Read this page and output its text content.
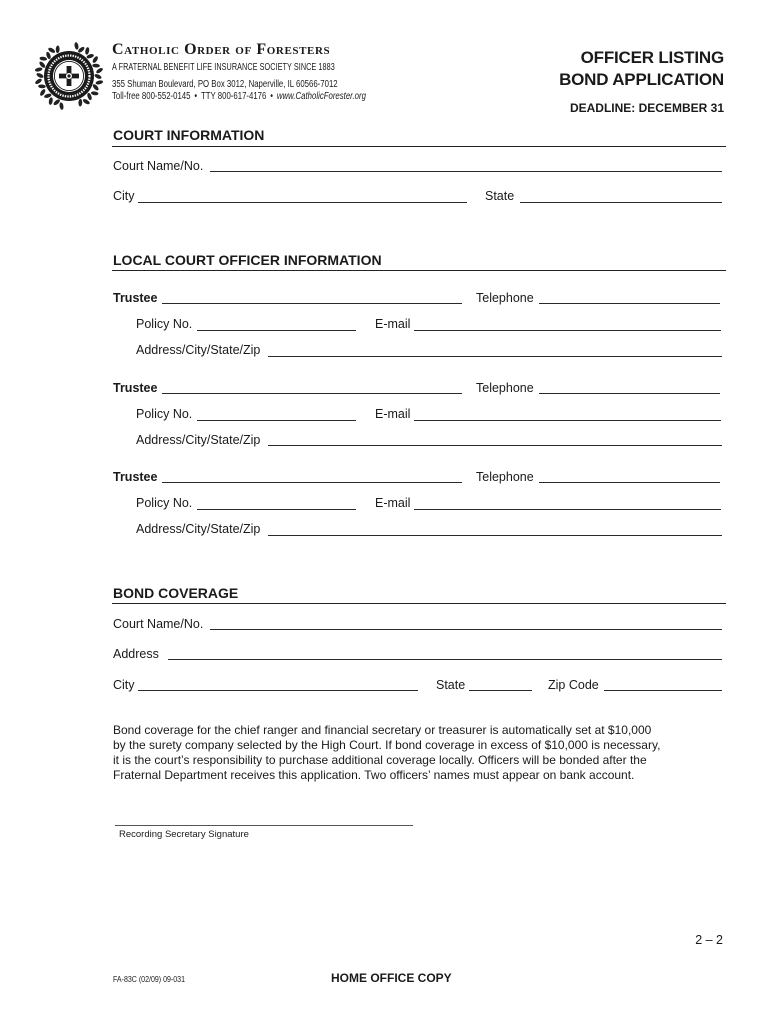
Catholic Order of Foresters
A FRATERNAL BENEFIT LIFE INSURANCE SOCIETY SINCE 1883
355 Shuman Boulevard, PO Box 3012, Naperville, IL 60566-7012
Toll-free 800-552-0145 • TTY 800-617-4176 • www.CatholicForester.org
OFFICER LISTING
BOND APPLICATION
DEADLINE: DECEMBER 31
COURT INFORMATION
Court Name/No.
City	State
LOCAL COURT OFFICER INFORMATION
Trustee	Telephone
Policy No.	E-mail
Address/City/State/Zip
Trustee	Telephone
Policy No.	E-mail
Address/City/State/Zip
Trustee	Telephone
Policy No.	E-mail
Address/City/State/Zip
BOND COVERAGE
Court Name/No.
Address
City	State	Zip Code
Bond coverage for the chief ranger and financial secretary or treasurer is automatically set at $10,000
by the surety company selected by the High Court. If bond coverage in excess of $10,000 is necessary,
it is the court’s responsibility to purchase additional coverage locally. Officers will be bonded after the
Fraternal Department receives this application. Two officers’ names must appear on bank account.
Recording Secretary Signature
2 – 2
FA-83C (02/09) 09-031	HOME OFFICE COPY
